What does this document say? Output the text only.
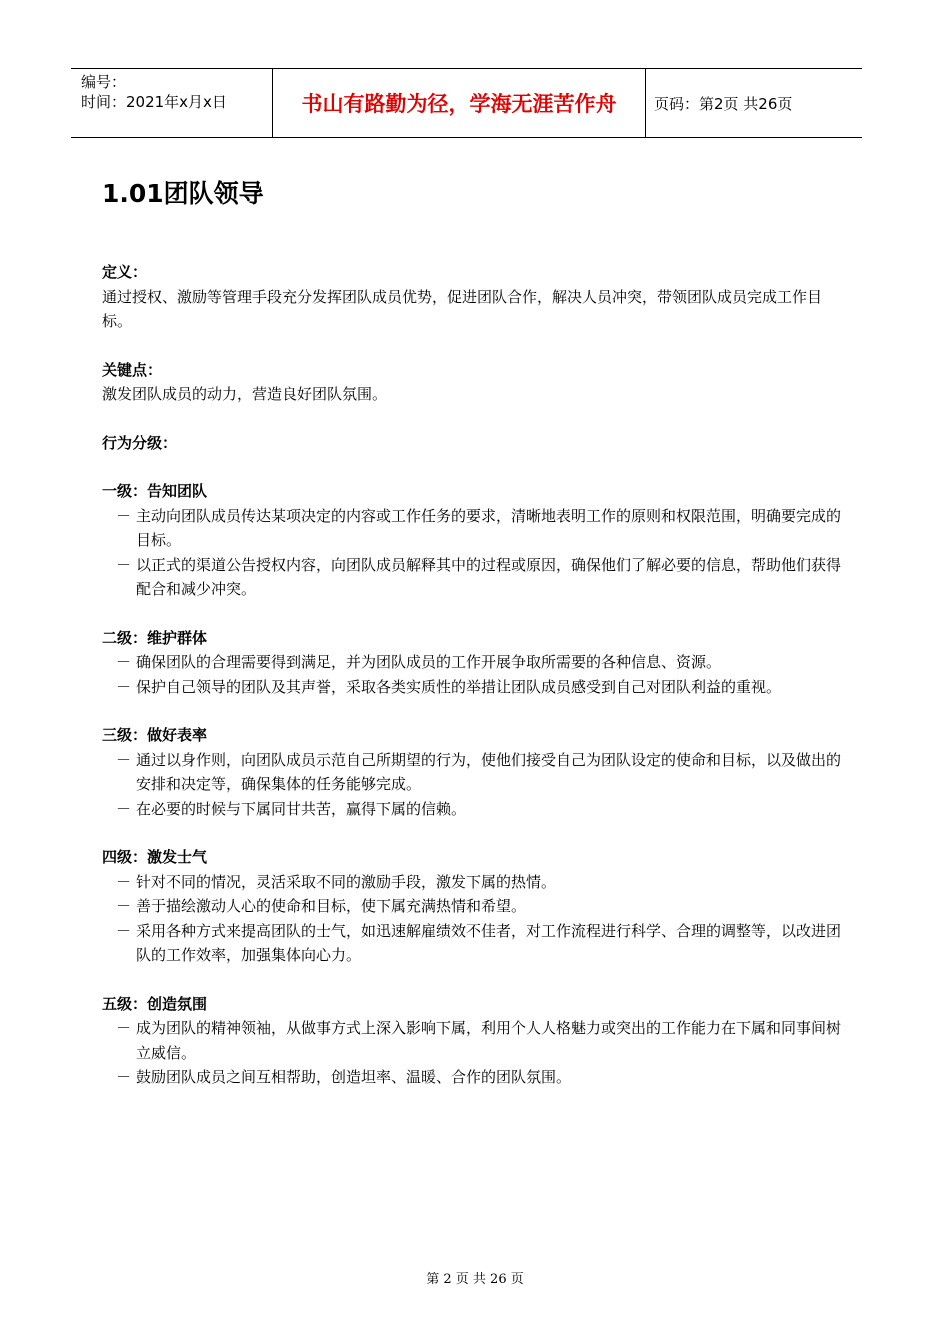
编号：
时间：2021年x月x日	书山有路勤为径，学海无涯苦作舟	页码：第2页 共26页
1.01团队领导
定义：

通过授权、激励等管理手段充分发挥团队成员优势，促进团队合作，解决人员冲突，带领团队成员完成工作目标。

关键点：

激发团队成员的动力，营造良好团队氛围。

行为分级：
一级：告知团队
－ 主动向团队成员传达某项决定的内容或工作任务的要求，清晰地表明工作的原则和权限范围，明确要完成的目标。
－ 以正式的渠道公告授权内容，向团队成员解释其中的过程或原因，确保他们了解必要的信息，帮助他们获得配合和减少冲突。
二级：维护群体
－ 确保团队的合理需要得到满足，并为团队成员的工作开展争取所需要的各种信息、资源。
－ 保护自己领导的团队及其声誉，采取各类实质性的举措让团队成员感受到自己对团队利益的重视。
三级：做好表率
－ 通过以身作则，向团队成员示范自己所期望的行为，使他们接受自己为团队设定的使命和目标，以及做出的安排和决定等，确保集体的任务能够完成。
－ 在必要的时候与下属同甘共苦，赢得下属的信赖。
四级：激发士气
－ 针对不同的情况，灵活采取不同的激励手段，激发下属的热情。
－ 善于描绘激动人心的使命和目标，使下属充满热情和希望。
－ 采用各种方式来提高团队的士气，如迅速解雇绩效不佳者，对工作流程进行科学、合理的调整等，以改进团队的工作效率，加强集体向心力。
五级：创造氛围
－ 成为团队的精神领袖，从做事方式上深入影响下属，利用个人人格魅力或突出的工作能力在下属和同事间树立威信。
－ 鼓励团队成员之间互相帮助，创造坦率、温暖、合作的团队氛围。
第 2 页 共 26 页
